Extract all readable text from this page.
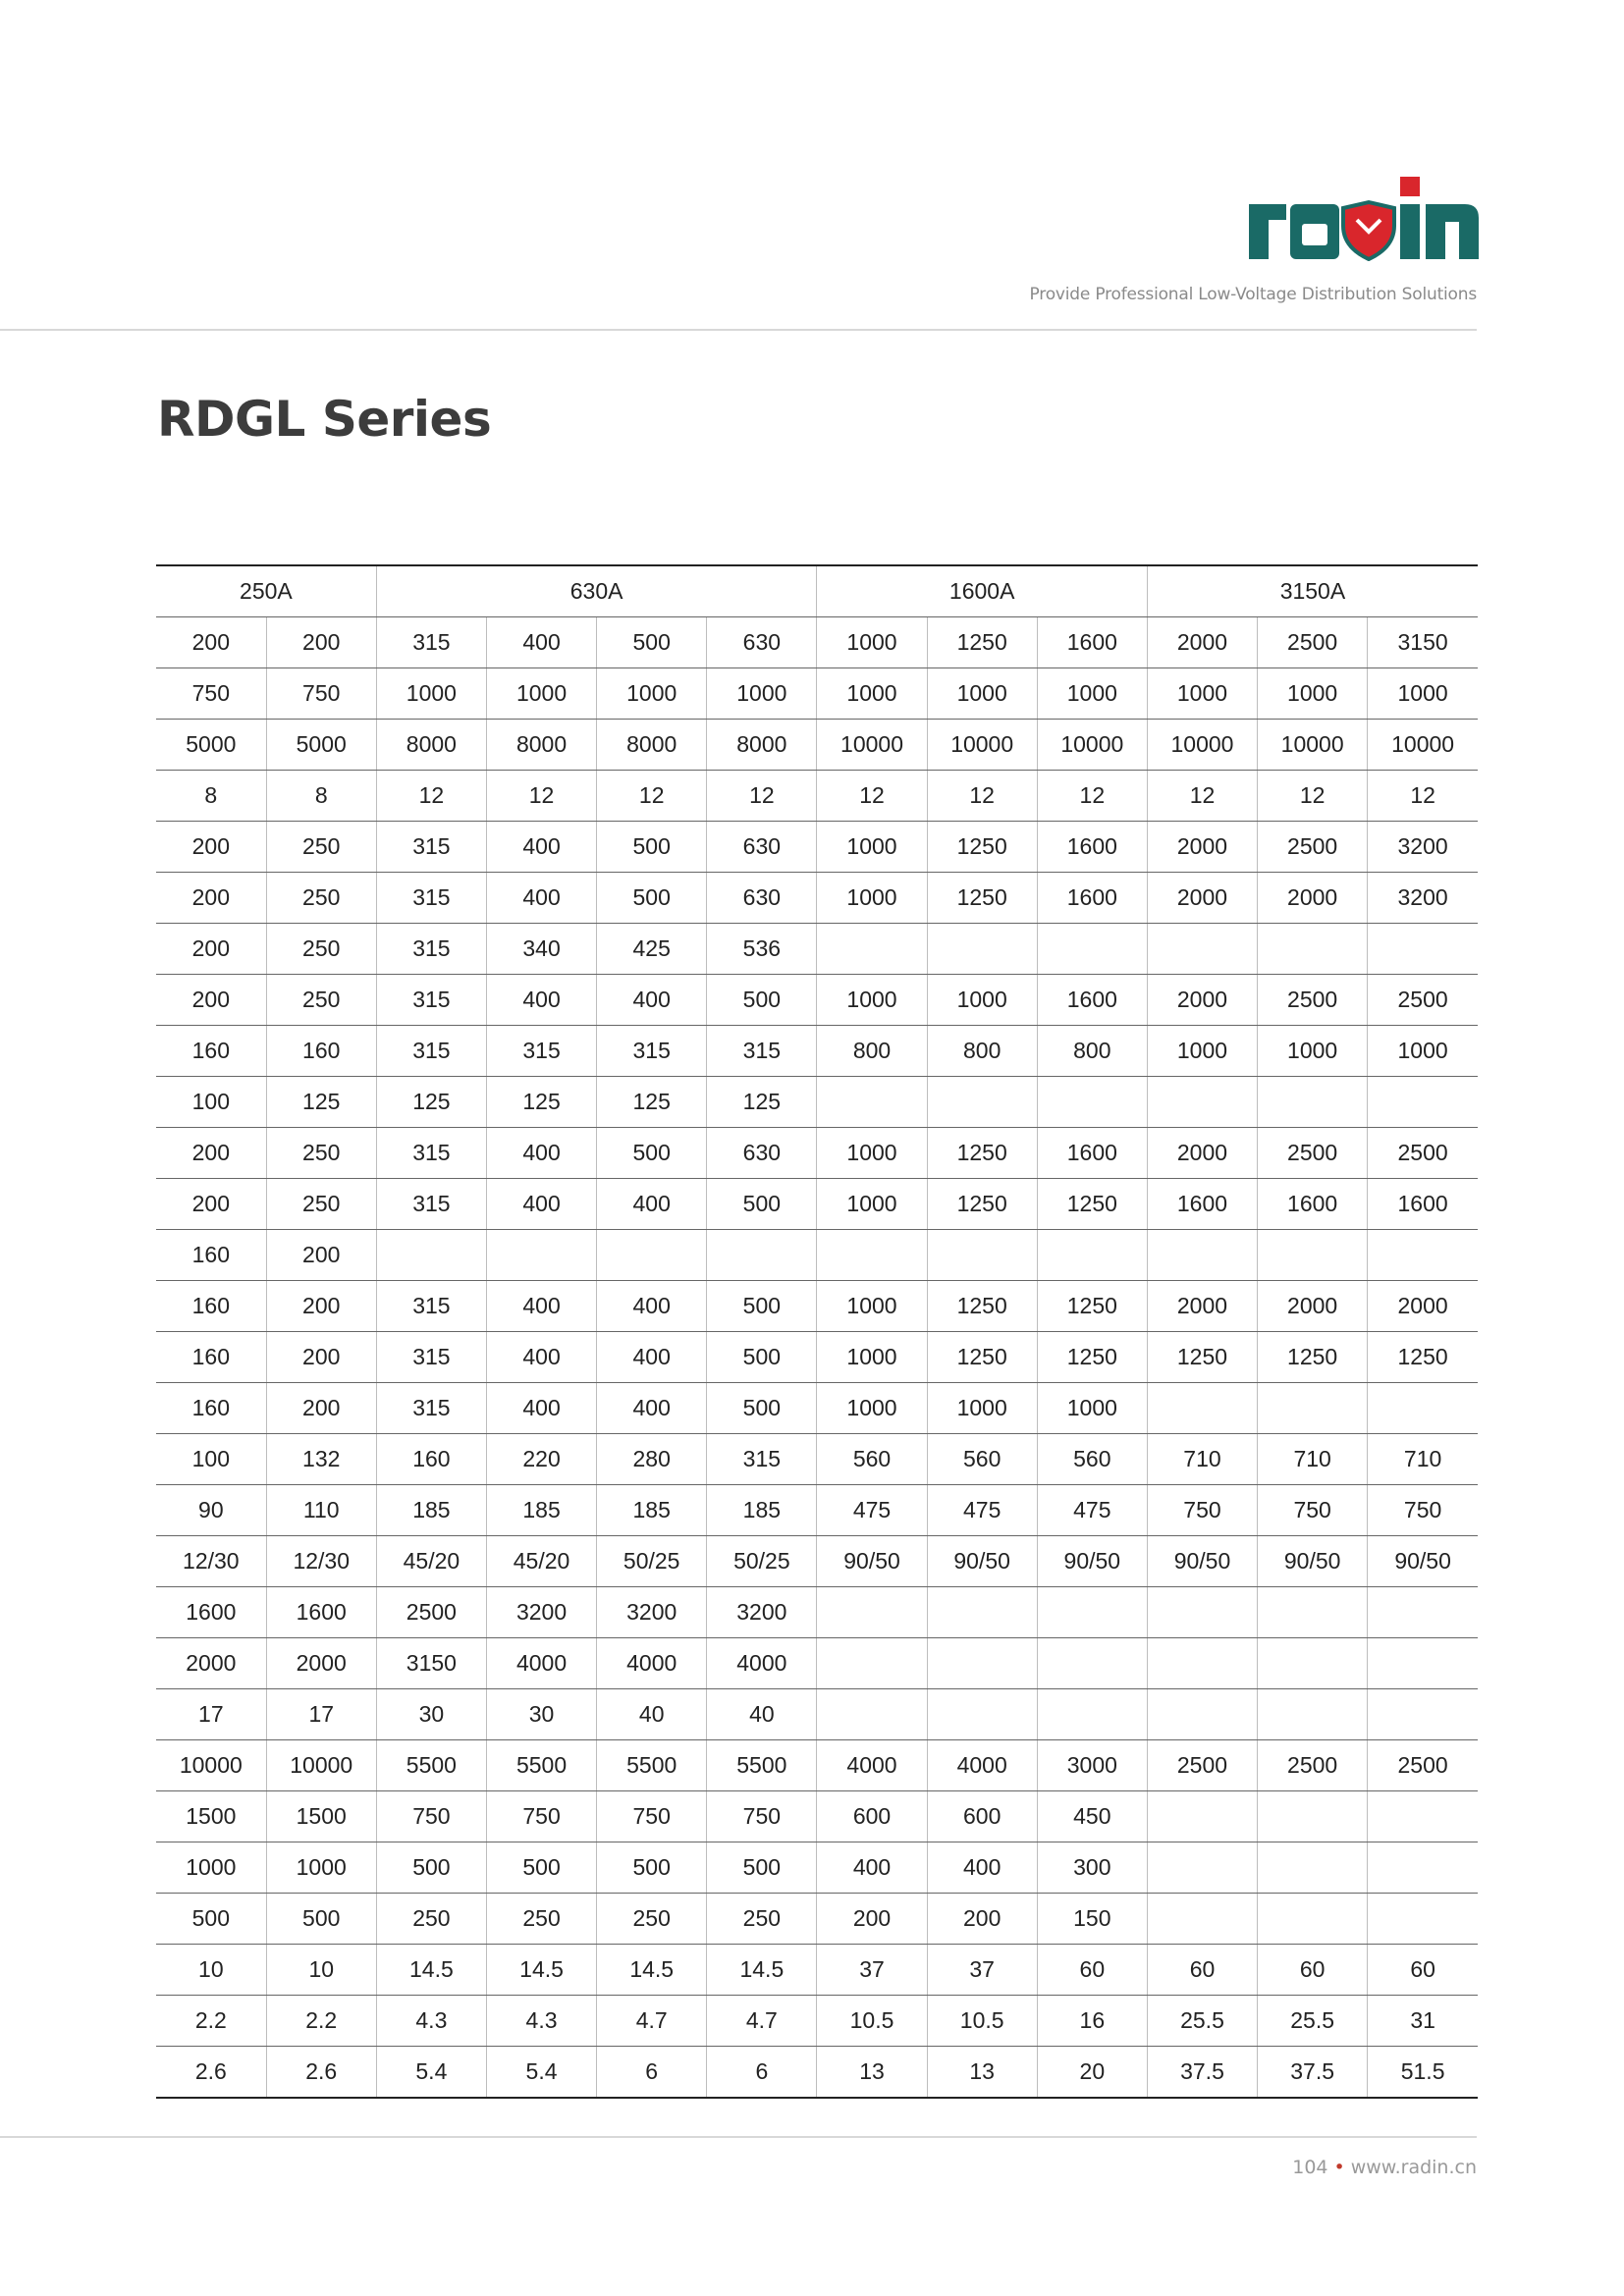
Provide Professional Low-Voltage Distribution Solutions
RDGL Series
250A		630A				1600A			3150A		
200	200	315	400	500	630	1000	1250	1600	2000	2500	3150
750	750	1000	1000	1000	1000	1000	1000	1000	1000	1000	1000
5000	5000	8000	8000	8000	8000	10000	10000	10000	10000	10000	10000
8	8	12	12	12	12	12	12	12	12	12	12
200	250	315	400	500	630	1000	1250	1600	2000	2500	3200
200	250	315	400	500	630	1000	1250	1600	2000	2000	3200
200	250	315	340	425	536						
200	250	315	400	400	500	1000	1000	1600	2000	2500	2500
160	160	315	315	315	315	800	800	800	1000	1000	1000
100	125	125	125	125	125						
200	250	315	400	500	630	1000	1250	1600	2000	2500	2500
200	250	315	400	400	500	1000	1250	1250	1600	1600	1600
160	200										
160	200	315	400	400	500	1000	1250	1250	2000	2000	2000
160	200	315	400	400	500	1000	1250	1250	1250	1250	1250
160	200	315	400	400	500	1000	1000	1000			
100	132	160	220	280	315	560	560	560	710	710	710
90	110	185	185	185	185	475	475	475	750	750	750
12/30	12/30	45/20	45/20	50/25	50/25	90/50	90/50	90/50	90/50	90/50	90/50
1600	1600	2500	3200	3200	3200						
2000	2000	3150	4000	4000	4000						
17	17	30	30	40	40						
10000	10000	5500	5500	5500	5500	4000	4000	3000	2500	2500	2500
1500	1500	750	750	750	750	600	600	450			
1000	1000	500	500	500	500	400	400	300			
500	500	250	250	250	250	200	200	150			
10	10	14.5	14.5	14.5	14.5	37	37	60	60	60	60
2.2	2.2	4.3	4.3	4.7	4.7	10.5	10.5	16	25.5	25.5	31
2.6	2.6	5.4	5.4	6	6	13	13	20	37.5	37.5	51.5
104 • www.radin.cn
